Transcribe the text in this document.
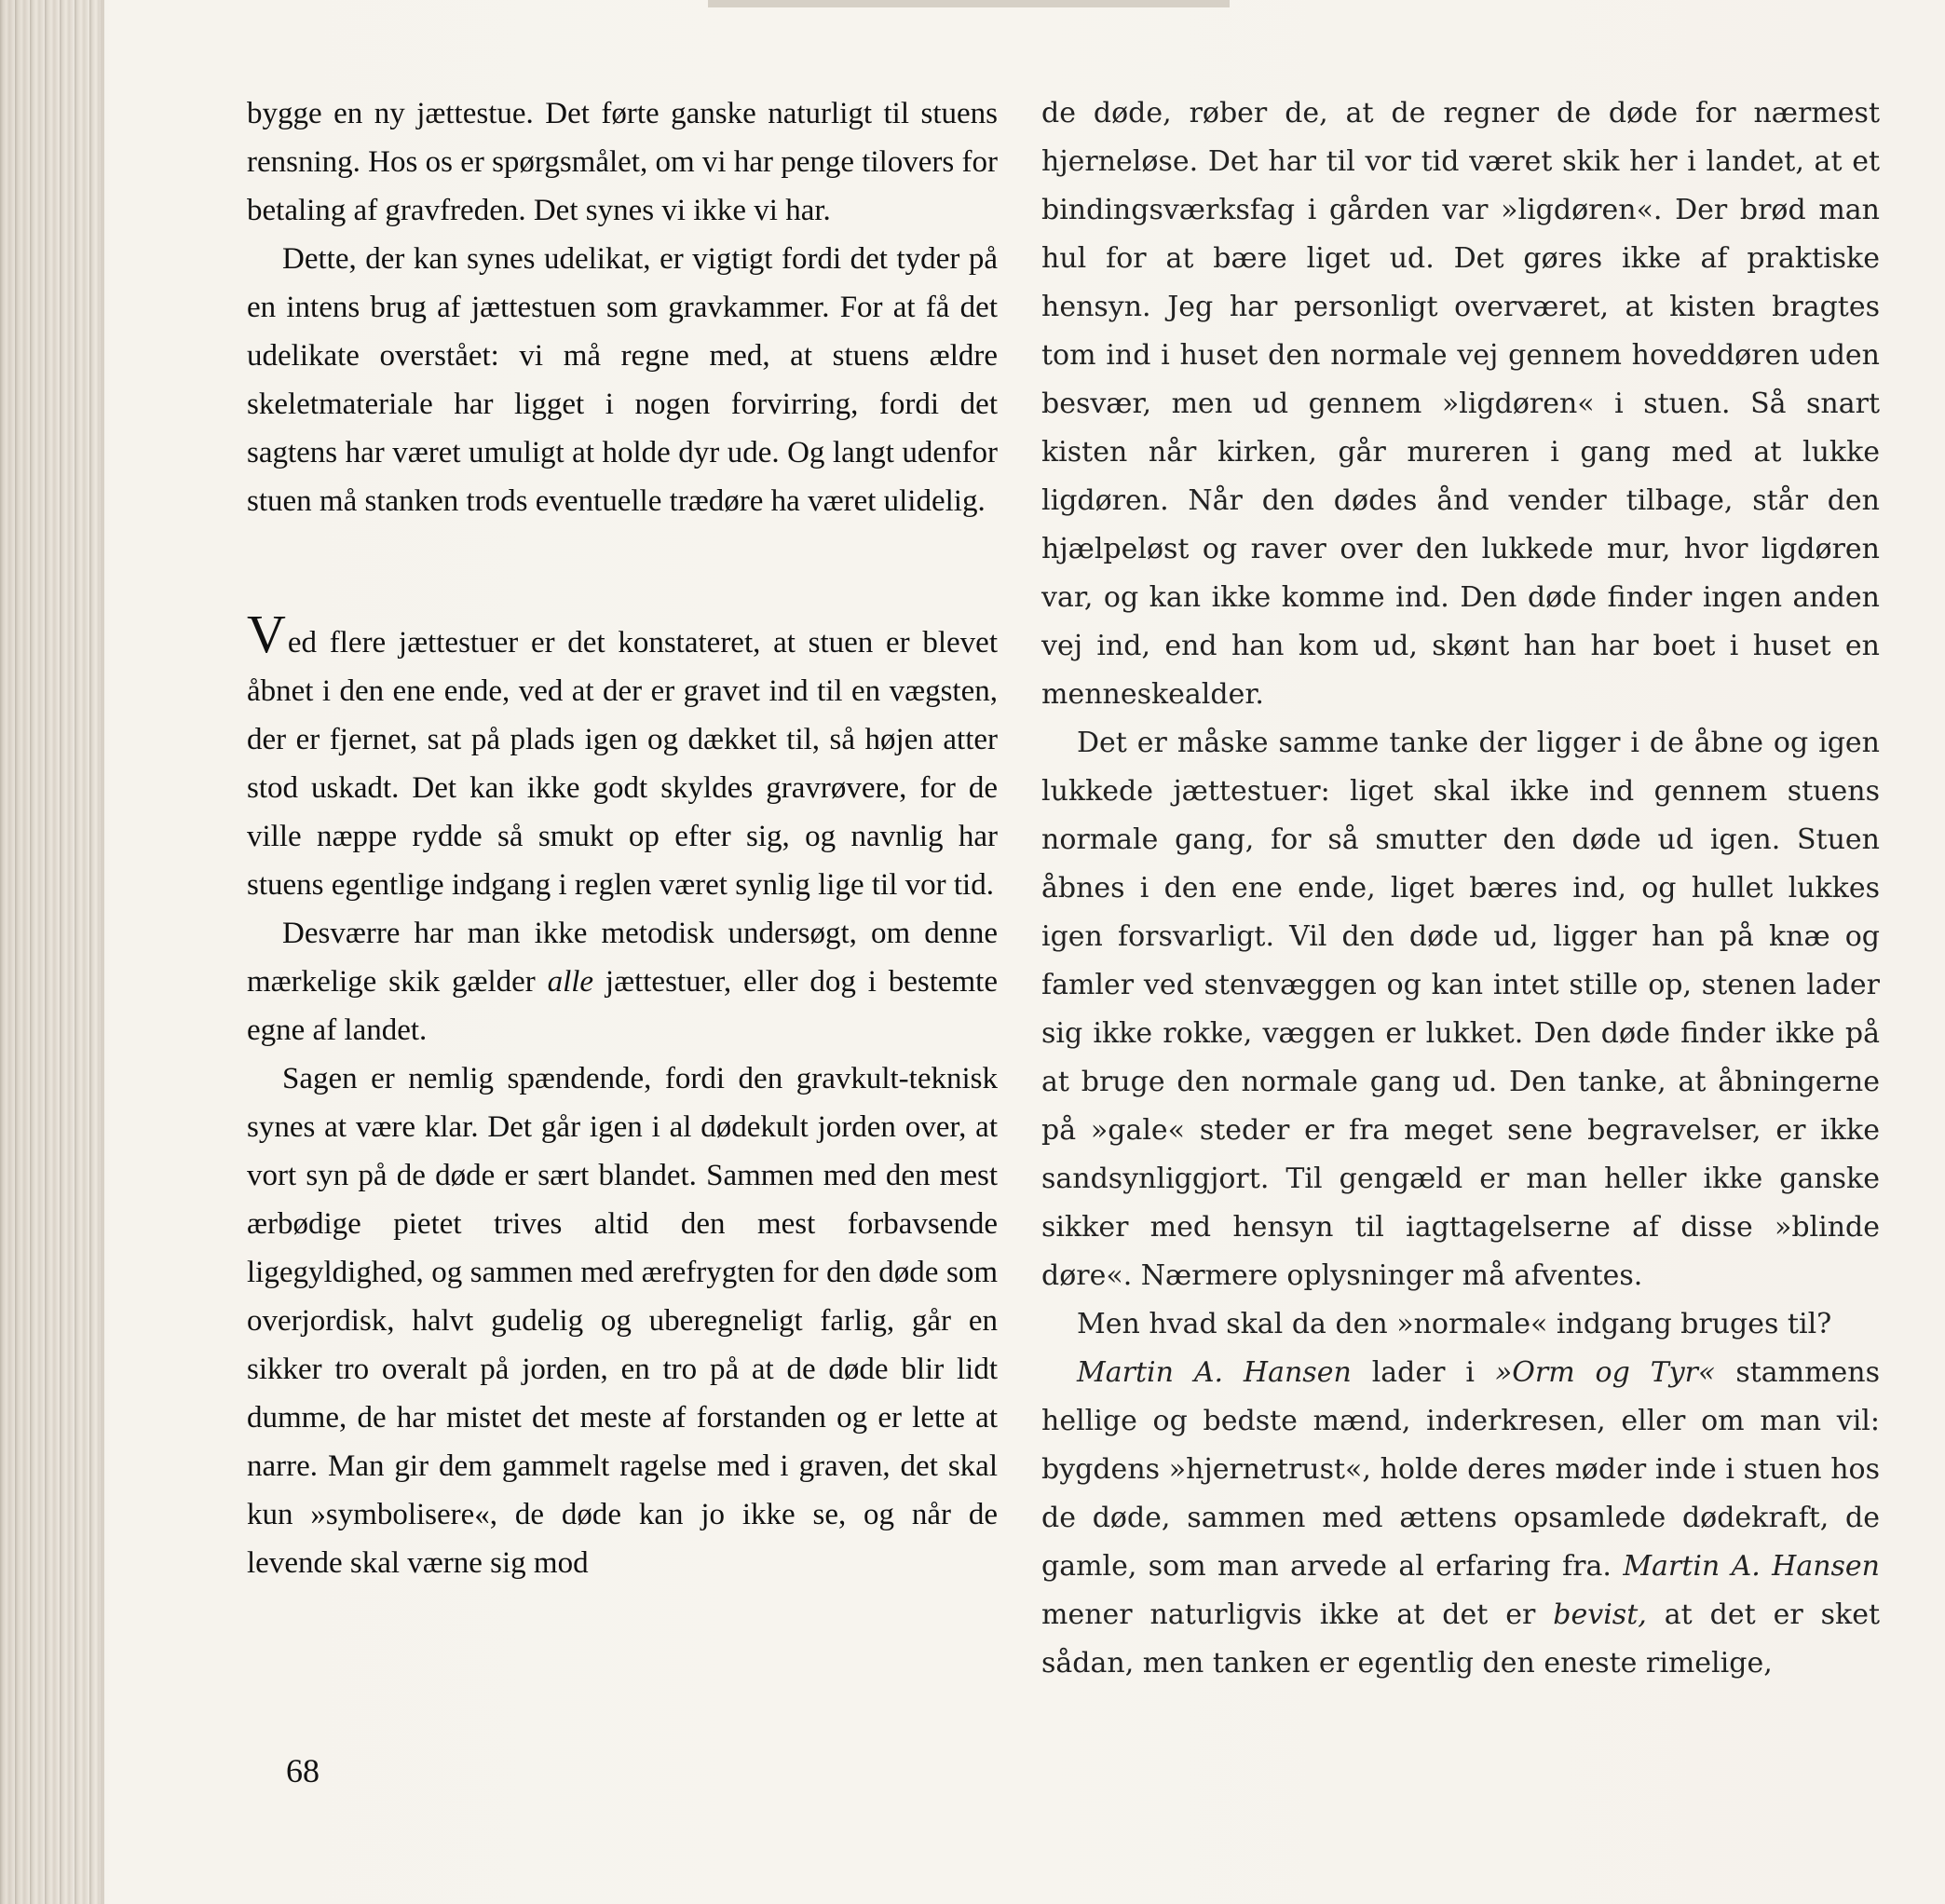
bygge en ny jættestue. Det førte ganske naturligt til stuens rensning. Hos os er spørgsmålet, om vi har penge tilovers for betaling af gravfreden. Det synes vi ikke vi har.

Dette, der kan synes udelikat, er vigtigt fordi det tyder på en intens brug af jættestuen som gravkammer. For at få det udelikate overstået: vi må regne med, at stuens ældre skeletmateriale har ligget i nogen forvirring, fordi det sagtens har været umuligt at holde dyr ude. Og langt udenfor stuen må stanken trods eventuelle trædøre ha været ulidelig.

Ved flere jættestuer er det konstateret, at stuen er blevet åbnet i den ene ende, ved at der er gravet ind til en vægsten, der er fjernet, sat på plads igen og dækket til, så højen atter stod uskadt. Det kan ikke godt skyldes gravrøvere, for de ville næppe rydde så smukt op efter sig, og navnlig har stuens egentlige indgang i reglen været synlig lige til vor tid.

Desværre har man ikke metodisk undersøgt, om denne mærkelige skik gælder alle jættestuer, eller dog i bestemte egne af landet.

Sagen er nemlig spændende, fordi den gravkult-teknisk synes at være klar. Det går igen i al dødekult jorden over, at vort syn på de døde er sært blandet. Sammen med den mest ærbødige pietet trives altid den mest forbavsende ligegyldighed, og sammen med ærefrygten for den døde som overjordisk, halvt gudelig og uberegneligt farlig, går en sikker tro overalt på jorden, en tro på at de døde blir lidt dumme, de har mistet det meste af forstanden og er lette at narre. Man gir dem gammelt ragelse med i graven, det skal kun »symbolisere«, de døde kan jo ikke se, og når de levende skal værne sig mod

de døde, røber de, at de regner de døde for nærmest hjerneløse. Det har til vor tid været skik her i landet, at et bindingsværksfag i gården var »ligdøren«. Der brød man hul for at bære liget ud. Det gøres ikke af praktiske hensyn. Jeg har personligt overværet, at kisten bragtes tom ind i huset den normale vej gennem hoveddøren uden besvær, men ud gennem »ligdøren« i stuen. Så snart kisten når kirken, går mureren i gang med at lukke ligdøren. Når den dødes ånd vender tilbage, står den hjælpeløst og raver over den lukkede mur, hvor ligdøren var, og kan ikke komme ind. Den døde finder ingen anden vej ind, end han kom ud, skønt han har boet i huset en menneskealder.

Det er måske samme tanke der ligger i de åbne og igen lukkede jættestuer: liget skal ikke ind gennem stuens normale gang, for så smutter den døde ud igen. Stuen åbnes i den ene ende, liget bæres ind, og hullet lukkes igen forsvarligt. Vil den døde ud, ligger han på knæ og famler ved stenvæggen og kan intet stille op, stenen lader sig ikke rokke, væggen er lukket. Den døde finder ikke på at bruge den normale gang ud. Den tanke, at åbningerne på »gale« steder er fra meget sene begravelser, er ikke sandsynliggjort. Til gengæld er man heller ikke ganske sikker med hensyn til iagttagelserne af disse »blinde døre«. Nærmere oplysninger må afventes.

Men hvad skal da den »normale« indgang bruges til?

Martin A. Hansen lader i »Orm og Tyr« stammens hellige og bedste mænd, inderkresen, eller om man vil: bygdens »hjernetrust«, holde deres møder inde i stuen hos de døde, sammen med ættens opsamlede dødekraft, de gamle, som man arvede al erfaring fra. Martin A. Hansen mener naturligvis ikke at det er bevist, at det er sket sådan, men tanken er egentlig den eneste rimelige,

68
